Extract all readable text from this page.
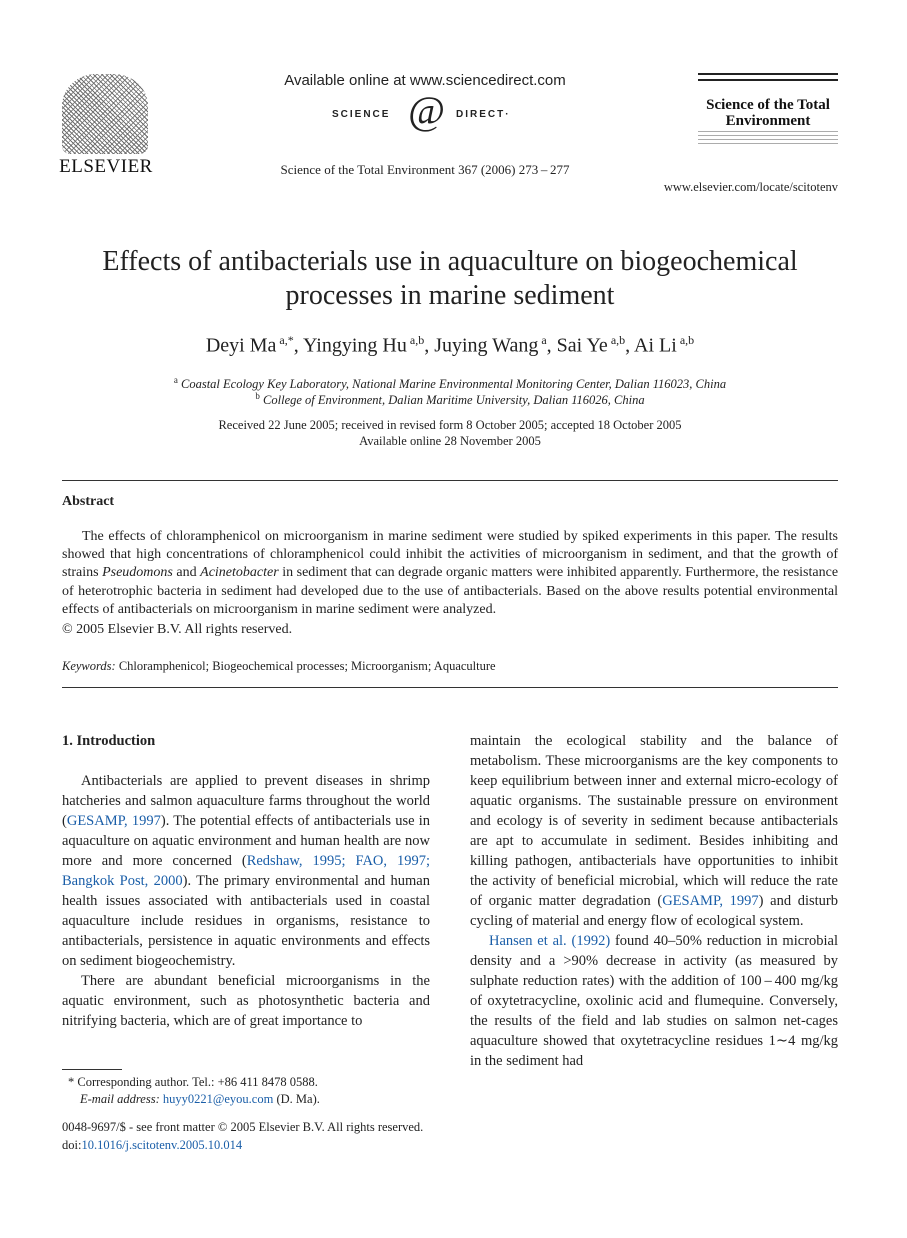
ELSEVIER
Available online at www.sciencedirect.com
SCIENCE @ DIRECT·
Science of the Total Environment 367 (2006) 273 – 277
Science of the Total Environment
www.elsevier.com/locate/scitotenv
Effects of antibacterials use in aquaculture on biogeochemical processes in marine sediment
Deyi Ma $^{a,*}$, Yingying Hu $^{a,b}$, Juying Wang $^a$, Sai Ye $^{a,b}$, Ai Li $^{a,b}$
$^a$ Coastal Ecology Key Laboratory, National Marine Environmental Monitoring Center, Dalian 116023, China
$^b$ College of Environment, Dalian Maritime University, Dalian 116026, China
Received 22 June 2005; received in revised form 8 October 2005; accepted 18 October 2005
Available online 28 November 2005
Abstract
The effects of chloramphenicol on microorganism in marine sediment were studied by spiked experiments in this paper. The results showed that high concentrations of chloramphenicol could inhibit the activities of microorganism in sediment, and that the growth of strains Pseudomons and Acinetobacter in sediment that can degrade organic matters were inhibited apparently. Furthermore, the resistance of heterotrophic bacteria in sediment had developed due to the use of antibacterials. Based on the above results potential environmental effects of antibacterials on microorganism in marine sediment were analyzed.
© 2005 Elsevier B.V. All rights reserved.
Keywords: Chloramphenicol; Biogeochemical processes; Microorganism; Aquaculture

1. Introduction

Antibacterials are applied to prevent diseases in shrimp hatcheries and salmon aquaculture farms throughout the world (GESAMP, 1997). The potential effects of antibacterials use in aquaculture on aquatic environment and human health are now more and more concerned (Redshaw, 1995; FAO, 1997; Bangkok Post, 2000). The primary environmental and human health issues associated with antibacterials used in coastal aquaculture include residues in organisms, resistance to antibacterials, persistence in aquatic environments and effects on sediment biogeochemistry.

There are abundant beneficial microorganisms in the aquatic environment, such as photosynthetic bacteria and nitrifying bacteria, which are of great importance to

maintain the ecological stability and the balance of metabolism. These microorganisms are the key components to keep equilibrium between inner and external micro-ecology of aquatic organisms. The sustainable pressure on environment and ecology is of severity in sediment because antibacterials are apt to accumulate in sediment. Besides inhibiting and killing pathogen, antibacterials have opportunities to inhibit the activity of beneficial microbial, which will reduce the rate of organic matter degradation (GESAMP, 1997) and disturb cycling of material and energy flow of ecological system.

Hansen et al. (1992) found 40–50% reduction in microbial density and a >90% decrease in activity (as measured by sulphate reduction rates) with the addition of 100 – 400 mg/kg of oxytetracycline, oxolinic acid and flumequine. Conversely, the results of the field and lab studies on salmon net-cages aquaculture showed that oxytetracycline residues 1∼4 mg/kg in the sediment had

* Corresponding author. Tel.: +86 411 8478 0588.
E-mail address: huyy0221@eyou.com (D. Ma).
0048-9697/$ - see front matter © 2005 Elsevier B.V. All rights reserved.
doi:10.1016/j.scitotenv.2005.10.014
